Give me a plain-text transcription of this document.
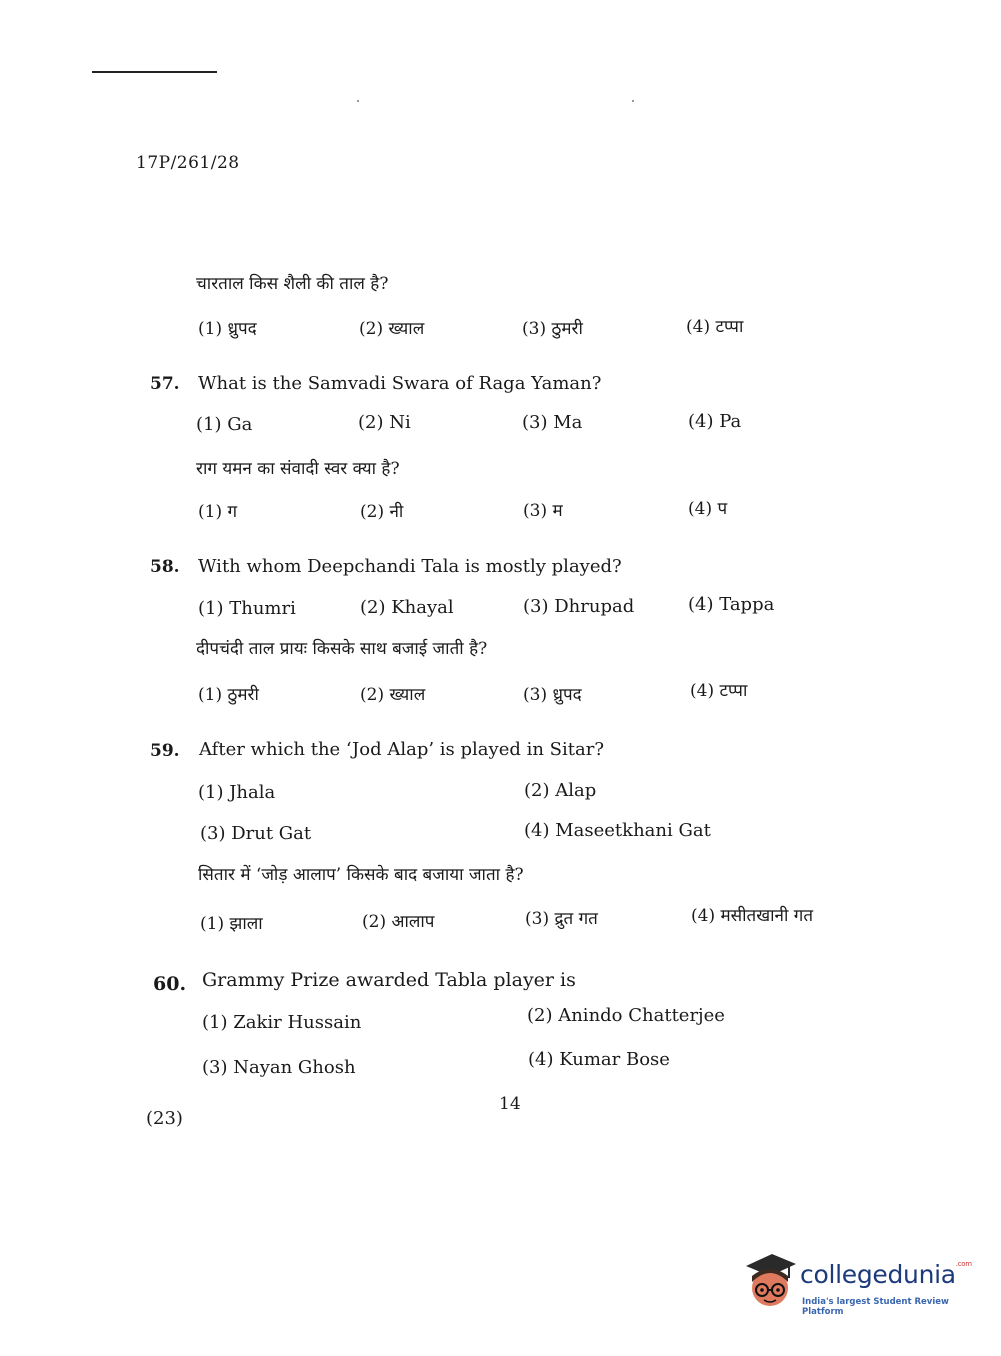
17P/261/28
चारताल किस शैली की ताल है?
(1) ध्रुपद	(2) ख्याल	(3) ठुमरी	(4) टप्पा
57. What is the Samvadi Swara of Raga Yaman?
(1) Ga	(2) Ni	(3) Ma	(4) Pa
राग यमन का संवादी स्वर क्या है?
(1) ग	(2) नी	(3) म	(4) प
58. With whom Deepchandi Tala is mostly played?
(1) Thumri	(2) Khayal	(3) Dhrupad	(4) Tappa
दीपचंदी ताल प्रायः किसके साथ बजाई जाती है?
(1) ठुमरी	(2) ख्याल	(3) ध्रुपद	(4) टप्पा
59. After which the ‘Jod Alap’ is played in Sitar?
(1) Jhala	(2) Alap
(3) Drut Gat	(4) Maseetkhani Gat
सितार में ‘जोड़ आलाप’ किसके बाद बजाया जाता है?
(1) झाला	(2) आलाप	(3) द्रुत गत	(4) मसीतखानी गत
60. Grammy Prize awarded Tabla player is
(1) Zakir Hussain	(2) Anindo Chatterjee
(3) Nayan Ghosh	(4) Kumar Bose
14
(23)
collegedunia$^{.com}$
India's largest Student Review Platform
